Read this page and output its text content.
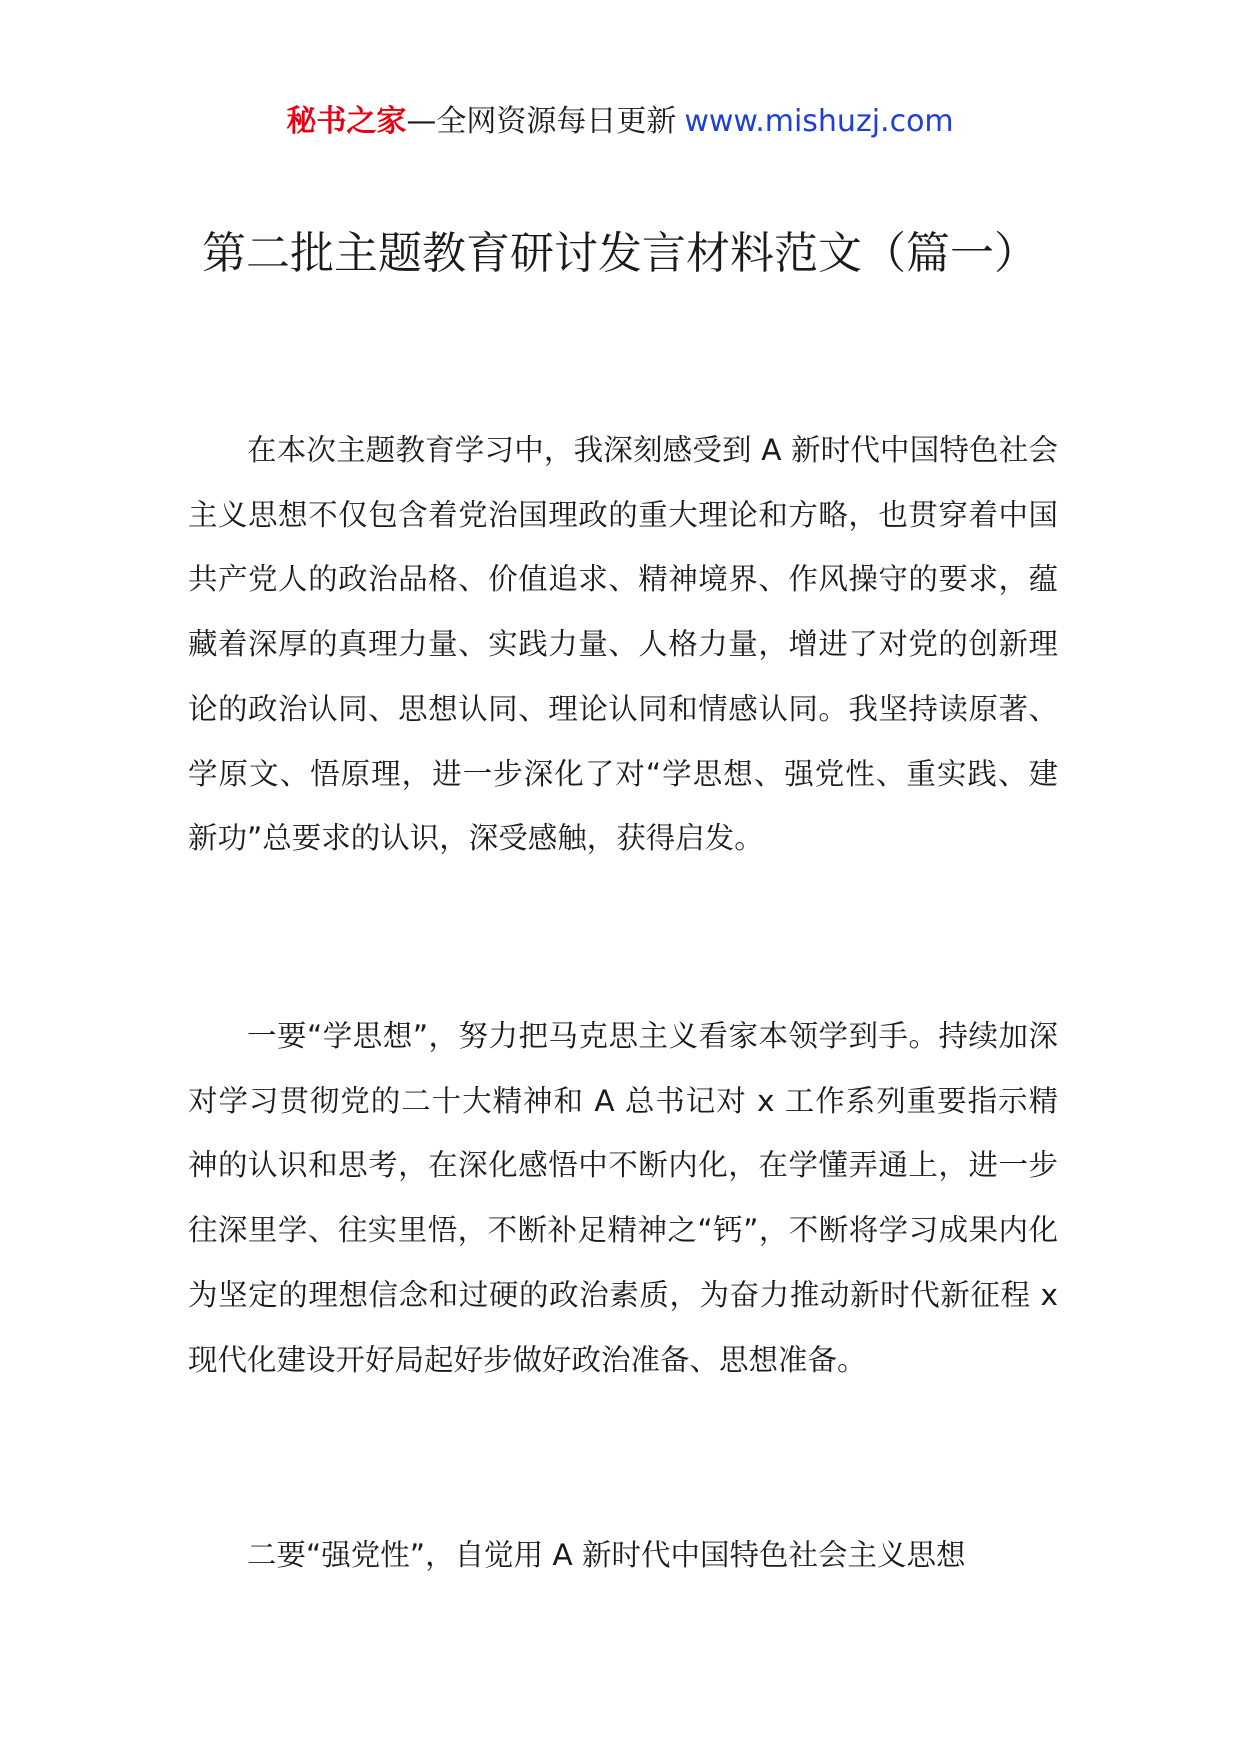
秘书之家—全网资源每日更新 www.mishuzj.com
第二批主题教育研讨发言材料范文（篇一）

在本次主题教育学习中，我深刻感受到 A 新时代中国特色社会主义思想不仅包含着党治国理政的重大理论和方略，也贯穿着中国共产党人的政治品格、价值追求、精神境界、作风操守的要求，蕴藏着深厚的真理力量、实践力量、人格力量，增进了对党的创新理论的政治认同、思想认同、理论认同和情感认同。我坚持读原著、学原文、悟原理，进一步深化了对“学思想、强党性、重实践、建新功”总要求的认识，深受感触，获得启发。

一要“学思想”，努力把马克思主义看家本领学到手。持续加深对学习贯彻党的二十大精神和 A 总书记对 x 工作系列重要指示精神的认识和思考，在深化感悟中不断内化，在学懂弄通上，进一步往深里学、往实里悟，不断补足精神之“钙”，不断将学习成果内化为坚定的理想信念和过硬的政治素质，为奋力推动新时代新征程 x 现代化建设开好局起好步做好政治准备、思想准备。

二要“强党性”，自觉用 A 新时代中国特色社会主义思想
